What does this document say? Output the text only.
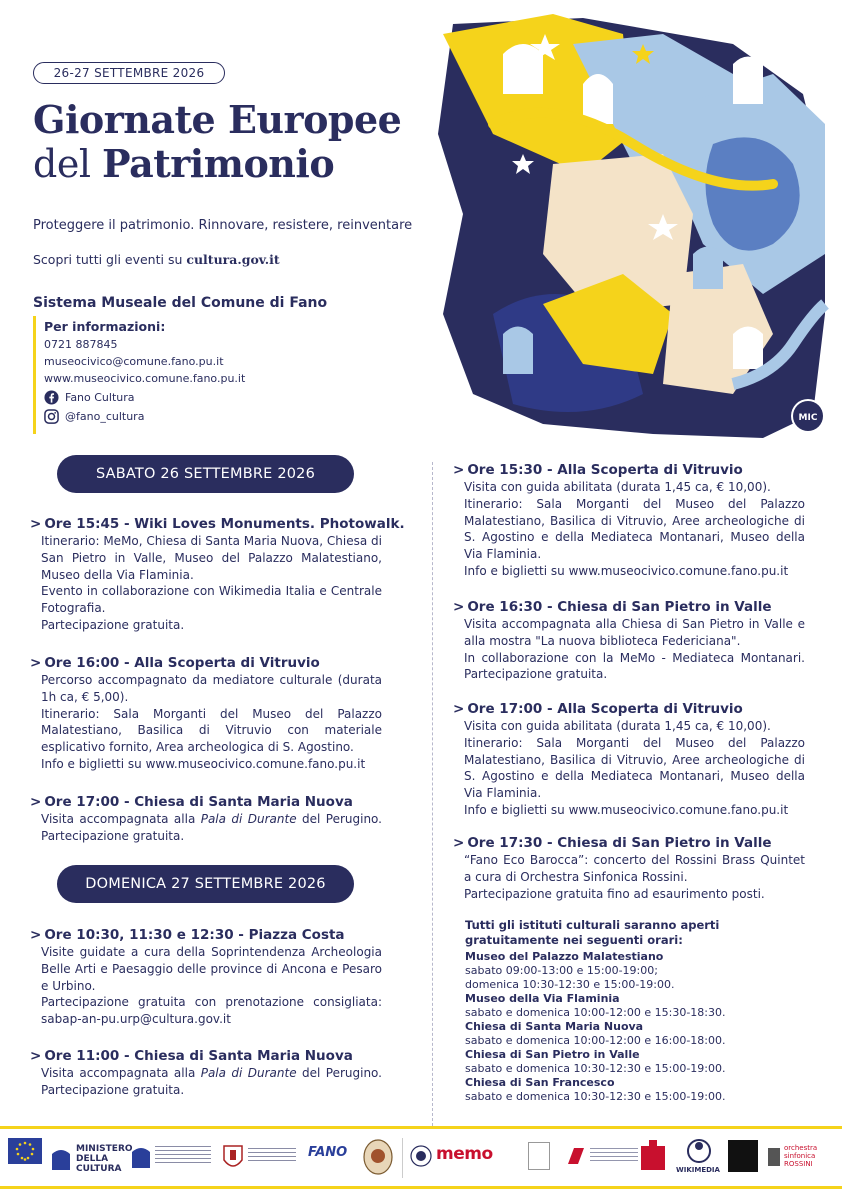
26-27 SETTEMBRE 2026
Giornate Europee
del Patrimonio
Proteggere il patrimonio. Rinnovare, resistere, reinventare
Scopri tutti gli eventi su cultura.gov.it
Sistema Museale del Comune di Fano
Per informazioni:
0721 887845
museocivico@comune.fano.pu.it
www.museocivico.comune.fano.pu.it
Fano Cultura
@fano_cultura	MIC
SABATO 26 SETTEMBRE 2026
> Ore 15:45 - Wiki Loves Monuments. Photowalk.

Itinerario: MeMo, Chiesa di Santa Maria Nuova, Chiesa di San Pietro in Valle, Museo del Palazzo Malatestiano, Museo della Via Flaminia.

Evento in collaborazione con Wikimedia Italia e Centrale Fotografia.

Partecipazione gratuita.

> Ore 16:00 - Alla Scoperta di Vitruvio

Percorso accompagnato da mediatore culturale (durata 1h ca, € 5,00).

Itinerario: Sala Morganti del Museo del Palazzo Malatestiano, Basilica di Vitruvio con materiale esplicativo fornito, Area archeologica di S. Agostino.

Info e biglietti su www.museocivico.comune.fano.pu.it

> Ore 17:00 - Chiesa di Santa Maria Nuova

Visita accompagnata alla Pala di Durante del Perugino. Partecipazione gratuita.

DOMENICA 27 SETTEMBRE 2026
> Ore 10:30, 11:30 e 12:30 - Piazza Costa

Visite guidate a cura della Soprintendenza Archeologia Belle Arti e Paesaggio delle province di Ancona e Pesaro e Urbino.

Partecipazione gratuita con prenotazione consigliata: sabap-an-pu.urp@cultura.gov.it

> Ore 11:00 - Chiesa di Santa Maria Nuova

Visita accompagnata alla Pala di Durante del Perugino. Partecipazione gratuita.

> Ore 15:30 - Alla Scoperta di Vitruvio

Visita con guida abilitata (durata 1,45 ca, € 10,00).

Itinerario: Sala Morganti del Museo del Palazzo Malatestiano, Basilica di Vitruvio, Aree archeologiche di S. Agostino e della Mediateca Montanari, Museo della Via Flaminia.

Info e biglietti su www.museocivico.comune.fano.pu.it

> Ore 16:30 - Chiesa di San Pietro in Valle

Visita accompagnata alla Chiesa di San Pietro in Valle e alla mostra "La nuova biblioteca Federiciana".

In collaborazione con la MeMo - Mediateca Montanari. Partecipazione gratuita.

> Ore 17:00 - Alla Scoperta di Vitruvio

Visita con guida abilitata (durata 1,45 ca, € 10,00).

Itinerario: Sala Morganti del Museo del Palazzo Malatestiano, Basilica di Vitruvio, Aree archeologiche di S. Agostino e della Mediateca Montanari, Museo della Via Flaminia.

Info e biglietti su www.museocivico.comune.fano.pu.it

> Ore 17:30 - Chiesa di San Pietro in Valle

“Fano Eco Barocca”: concerto del Rossini Brass Quintet a cura di Orchestra Sinfonica Rossini.

Partecipazione gratuita fino ad esaurimento posti.

Tutti gli istituti culturali saranno aperti gratuitamente nei seguenti orari:
Museo del Palazzo Malatestiano
sabato 09:00-13:00 e 15:00-19:00;
domenica 10:30-12:30 e 15:00-19:00.
Museo della Via Flaminia
sabato e domenica 10:00-12:00 e 15:30-18:30.
Chiesa di Santa Maria Nuova
sabato e domenica 10:00-12:00 e 16:00-18:00.
Chiesa di San Pietro in Valle
sabato e domenica 10:30-12:30 e 15:00-19:00.
Chiesa di San Francesco
sabato e domenica 10:30-12:30 e 15:00-19:00.
MINISTERO
DELLA
CULTURA
FANO	memo
WIKIMEDIA
orchestra
sinfonica
ROSSINI
